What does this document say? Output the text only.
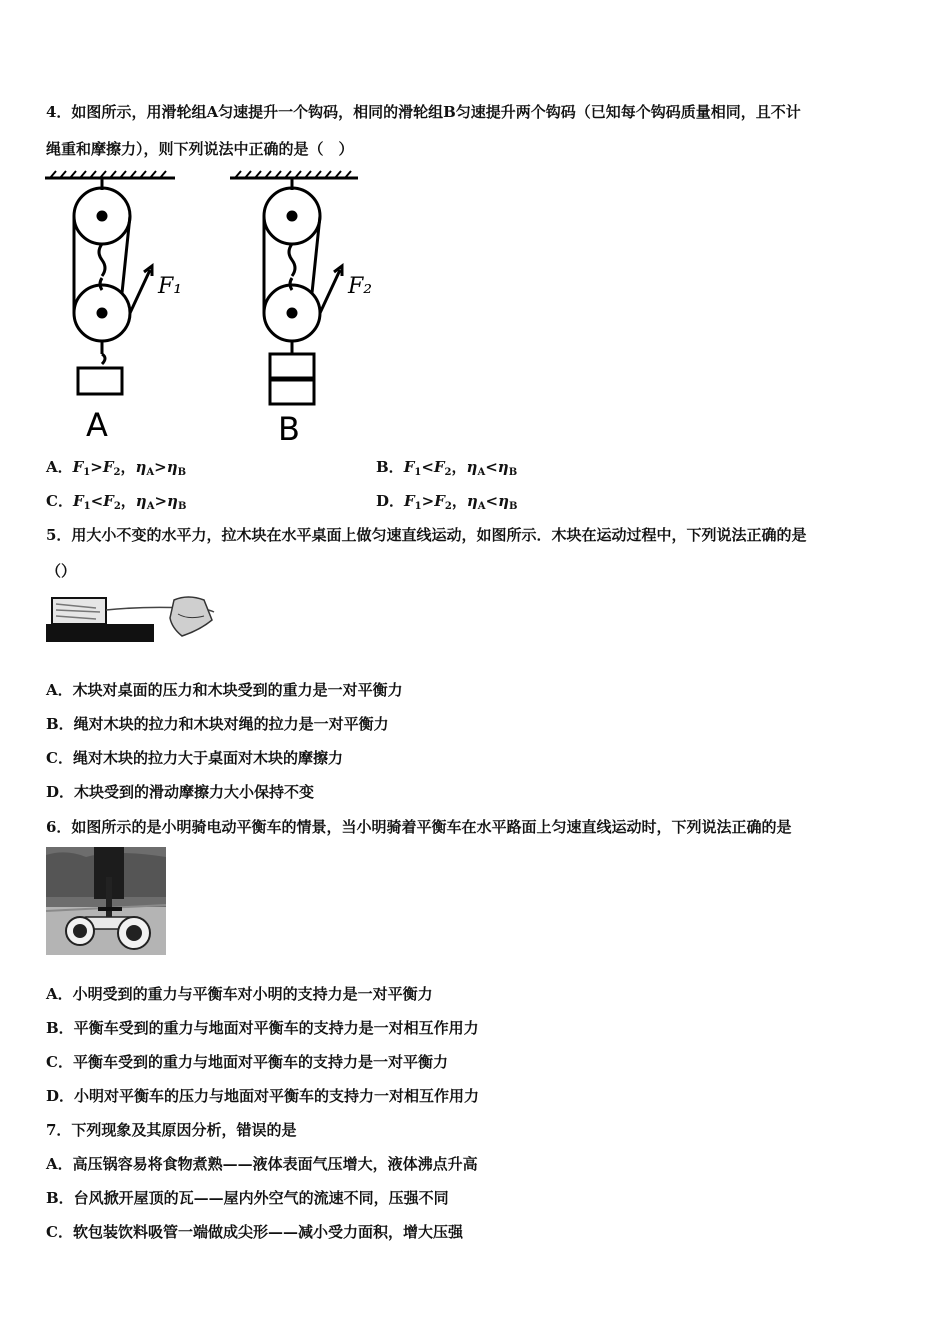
4．如图所示，用滑轮组A匀速提升一个钩码，相同的滑轮组B匀速提升两个钩码（已知每个钩码质量相同，且不计
绳重和摩擦力），则下列说法中正确的是（　）
F₁
A
F₂
B
A．$F_1>F_2$，$\eta_A>\eta_B$	B．$F_1<F_2$，$\eta_A<\eta_B$
C．$F_1<F_2$，$\eta_A>\eta_B$	D．$F_1>F_2$，$\eta_A<\eta_B$
5．用大小不变的水平力，拉木块在水平桌面上做匀速直线运动，如图所示．木块在运动过程中，下列说法正确的是
（）
A．木块对桌面的压力和木块受到的重力是一对平衡力
B．绳对木块的拉力和木块对绳的拉力是一对平衡力
C．绳对木块的拉力大于桌面对木块的摩擦力
D．木块受到的滑动摩擦力大小保持不变
6．如图所示的是小明骑电动平衡车的情景，当小明骑着平衡车在水平路面上匀速直线运动时，下列说法正确的是
A．小明受到的重力与平衡车对小明的支持力是一对平衡力
B．平衡车受到的重力与地面对平衡车的支持力是一对相互作用力
C．平衡车受到的重力与地面对平衡车的支持力是一对平衡力
D．小明对平衡车的压力与地面对平衡车的支持力一对相互作用力
7．下列现象及其原因分析，错误的是
A．高压锅容易将食物煮熟——液体表面气压增大，液体沸点升高
B．台风掀开屋顶的瓦——屋内外空气的流速不同，压强不同
C．软包装饮料吸管一端做成尖形——减小受力面积，增大压强
